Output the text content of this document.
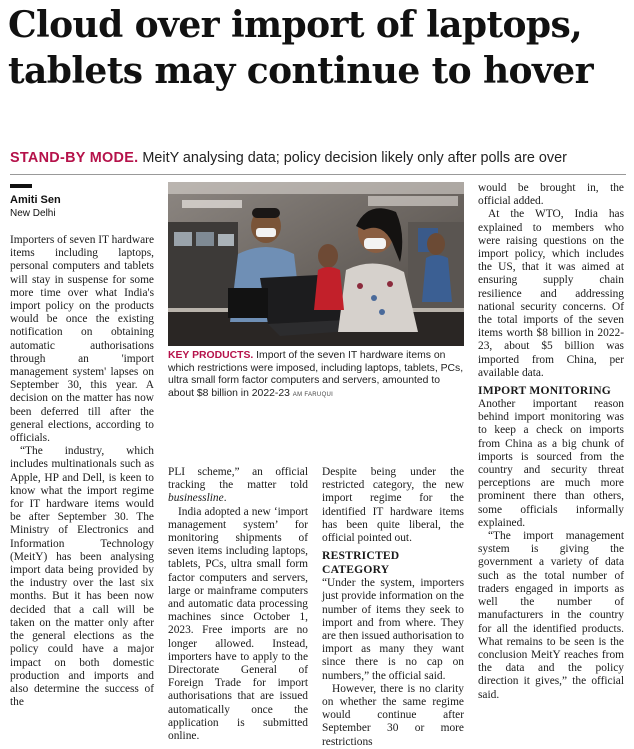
Cloud over import of laptops,
tablets may continue to hover
STAND-BY MODE. MeitY analysing data; policy decision likely only after polls are over
Amiti Sen
New Delhi

Importers of seven IT hardware items including laptops, personal computers and tablets will stay in suspense for some more time over what India's import policy on the products would be once the existing notification on obtaining automatic authorisations through an 'import management system' lapses on September 30, this year. A decision on the matter has now been deferred till after the general elections, according to officials.

“The industry, which includes multinationals such as Apple, HP and Dell, is keen to know what the import regime for IT hardware items would be after September 30. The Ministry of Electronics and Information Technology (MeitY) has been analysing import data being provided by the industry over the last six months. But it has been now decided that a call will be taken on the matter only after the general elections as the policy could have a major impact on both domestic production and imports and also determine the success of the

KEY PRODUCTS. Import of the seven IT hardware items on which restrictions were imposed, including laptops, tablets, PCs, ultra small form factor computers and servers, amounted to about $8 billion in 2022-23 AM FARUQUI

PLI scheme,” an official tracking the matter told businessline.

India adopted a new ‘import management system’ for monitoring shipments of seven items including laptops, tablets, PCs, ultra small form factor computers and servers, large or mainframe computers and automatic data processing machines since October 1, 2023. Free imports are no longer allowed. Instead, importers have to apply to the Directorate General of Foreign Trade for import authorisations that are issued automatically once the application is submitted online.

Despite being under the restricted category, the new import regime for the identified IT hardware items has been quite liberal, the official pointed out.

RESTRICTED CATEGORY

“Under the system, importers just provide information on the number of items they seek to import and from where. They are then issued authorisation to import as many they want since there is no cap on numbers,” the official said.

However, there is no clarity on whether the same regime would continue after September 30 or more restrictions

would be brought in, the official added.

At the WTO, India has explained to members who were raising questions on the import policy, which includes the US, that it was aimed at ensuring supply chain resilience and addressing national security concerns. Of the total imports of the seven items worth $8 billion in 2022-23, about $5 billion was imported from China, per available data.

IMPORT MONITORING

Another important reason behind import monitoring was to keep a check on imports from China as a big chunk of imports is sourced from the country and security threat perceptions are much more prominent there than others, some officials informally explained.

“The import management system is giving the government a variety of data such as the total number of traders engaged in imports as well the number of manufacturers in the country for all the identified products. What remains to be seen is the conclusion MeitY reaches from the data and the policy direction it gives,” the official said.
